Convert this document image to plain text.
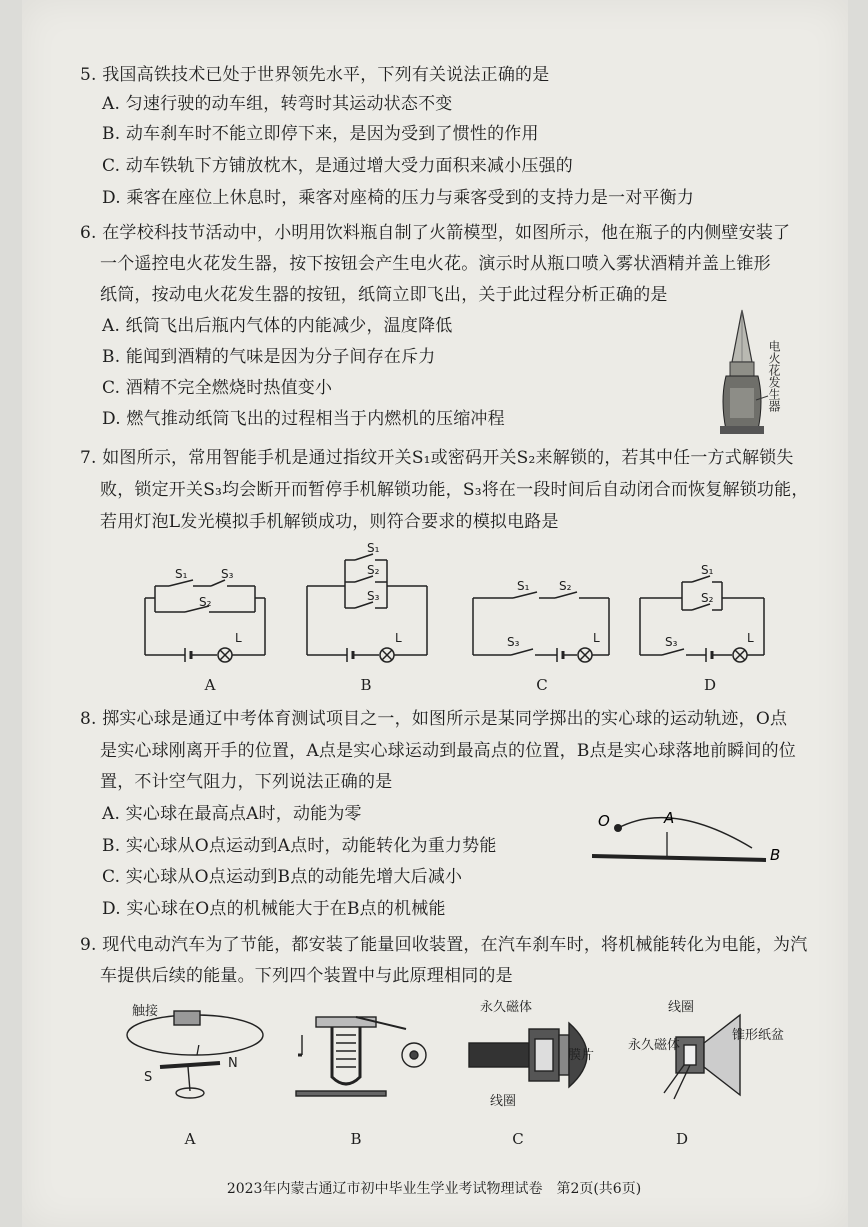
5. 我国高铁技术已处于世界领先水平，下列有关说法正确的是
A. 匀速行驶的动车组，转弯时其运动状态不变
B. 动车刹车时不能立即停下来，是因为受到了惯性的作用
C. 动车铁轨下方铺放枕木，是通过增大受力面积来减小压强的
D. 乘客在座位上休息时，乘客对座椅的压力与乘客受到的支持力是一对平衡力
6. 在学校科技节活动中，小明用饮料瓶自制了火箭模型，如图所示，他在瓶子的内侧壁安装了
一个遥控电火花发生器，按下按钮会产生电火花。演示时从瓶口喷入雾状酒精并盖上锥形
纸筒，按动电火花发生器的按钮，纸筒立即飞出，关于此过程分析正确的是
A. 纸筒飞出后瓶内气体的内能减少，温度降低
B. 能闻到酒精的气味是因为分子间存在斥力
C. 酒精不完全燃烧时热值变小
D. 燃气推动纸筒飞出的过程相当于内燃机的压缩冲程
电火花发生器
7. 如图所示，常用智能手机是通过指纹开关S₁或密码开关S₂来解锁的，若其中任一方式解锁失
败，锁定开关S₃均会断开而暂停手机解锁功能，S₃将在一段时间后自动闭合而恢复解锁功能，
若用灯泡L发光模拟手机解锁成功，则符合要求的模拟电路是
S₁	S₃
S₂
L
S₁
S₂
S₃
L
S₁ S₂
S₃	L
S₁
S₂
S₃	L
A	B	C	D
8. 掷实心球是通辽中考体育测试项目之一，如图所示是某同学掷出的实心球的运动轨迹，O点
是实心球刚离开手的位置，A点是实心球运动到最高点的位置，B点是实心球落地前瞬间的位
置，不计空气阻力，下列说法正确的是
A. 实心球在最高点A时，动能为零
B. 实心球从O点运动到A点时，动能转化为重力势能
C. 实心球从O点运动到B点的动能先增大后减小
D. 实心球在O点的机械能大于在B点的机械能
O	A
B
9. 现代电动汽车为了节能，都安装了能量回收装置，在汽车刹车时，将机械能转化为电能，为汽
车提供后续的能量。下列四个装置中与此原理相同的是
触接
I
S
N
永久磁体
膜片
线圈
线圈
锥形纸盆
永久磁体
A	B	C	D
2023年内蒙古通辽市初中毕业生学业考试物理试卷　第2页(共6页)
